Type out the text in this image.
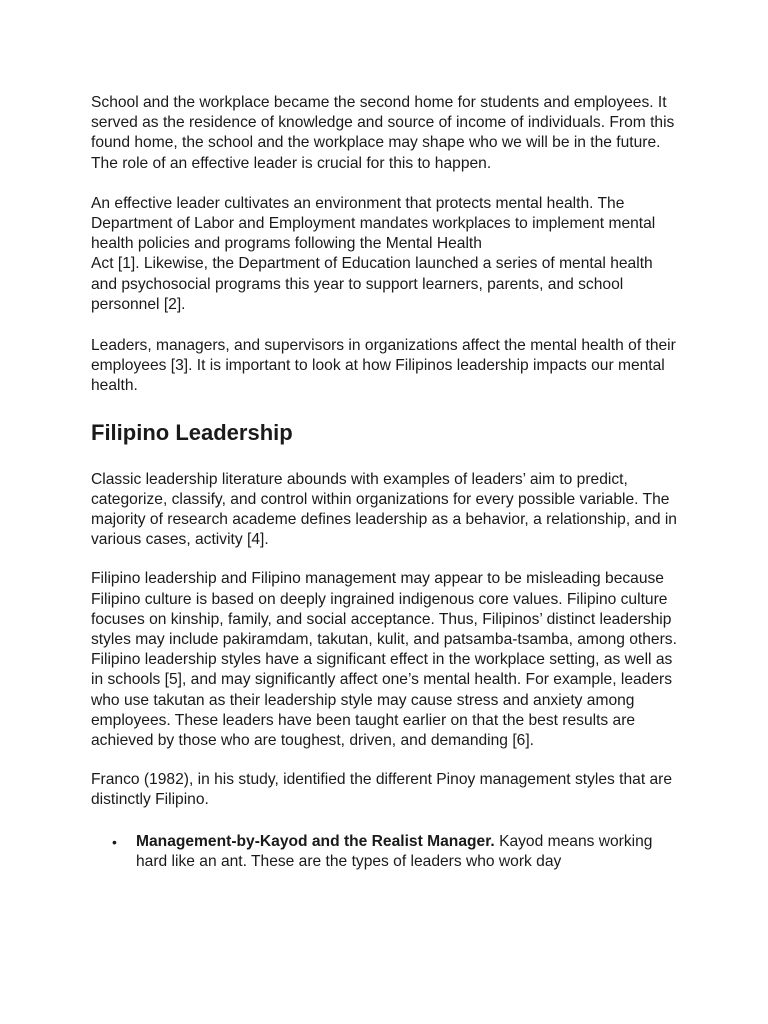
School and the workplace became the second home for students and employees. It served as the residence of knowledge and source of income of individuals. From this found home, the school and the workplace may shape who we will be in the future. The role of an effective leader is crucial for this to happen.

An effective leader cultivates an environment that protects mental health. The Department of Labor and Employment mandates workplaces to implement mental health policies and programs following the Mental Health
Act [1]. Likewise, the Department of Education launched a series of mental health and psychosocial programs this year to support learners, parents, and school personnel [2].

Leaders, managers, and supervisors in organizations affect the mental health of their employees [3]. It is important to look at how Filipinos leadership impacts our mental health.

Filipino Leadership

Classic leadership literature abounds with examples of leaders’ aim to predict, categorize, classify, and control within organizations for every possible variable. The majority of research academe defines leadership as a behavior, a relationship, and in various cases, activity [4].

Filipino leadership and Filipino management may appear to be misleading because Filipino culture is based on deeply ingrained indigenous core values. Filipino culture focuses on kinship, family, and social acceptance. Thus, Filipinos’ distinct leadership styles may include pakiramdam, takutan, kulit, and patsamba-tsamba, among others. Filipino leadership styles have a significant effect in the workplace setting, as well as in schools [5], and may significantly affect one’s mental health. For example, leaders who use takutan as their leadership style may cause stress and anxiety among employees. These leaders have been taught earlier on that the best results are achieved by those who are toughest, driven, and demanding [6].

Franco (1982), in his study, identified the different Pinoy management styles that are distinctly Filipino.

• Management-by-Kayod and the Realist Manager. Kayod means working hard like an ant. These are the types of leaders who work day
